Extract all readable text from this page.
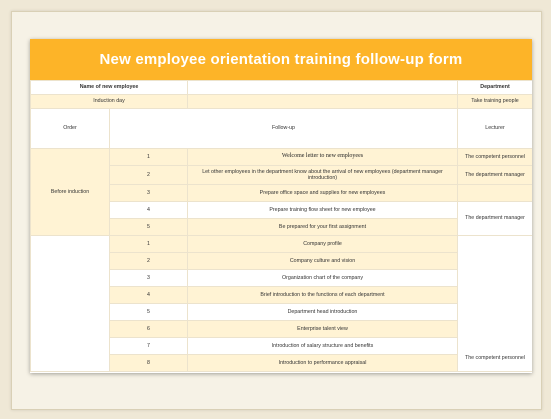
New employee orientation training follow-up form
Name of new employee			Department
Induction day			Take training people
Order	Follow-up		Lecturer
Before induction	1	Welcome letter to new employees	The competent personnel
	2	Let other employees in the department know about the arrival of new employees (department manager introduction)	The department manager
	3	Prepare office space and supplies for new employees	
	4	Prepare training flow sheet for new employee	The department manager
	5	Be prepared for your first assignment	
	1	Company profile	The competent personnel
	2	Company culture and vision	
	3	Organization chart of the company	
	4	Brief introduction to the functions of each department	
	5	Department head introduction	
	6	Enterprise talent view	
	7	Introduction of salary structure and benefits	
	8	Introduction to performance appraisal	
